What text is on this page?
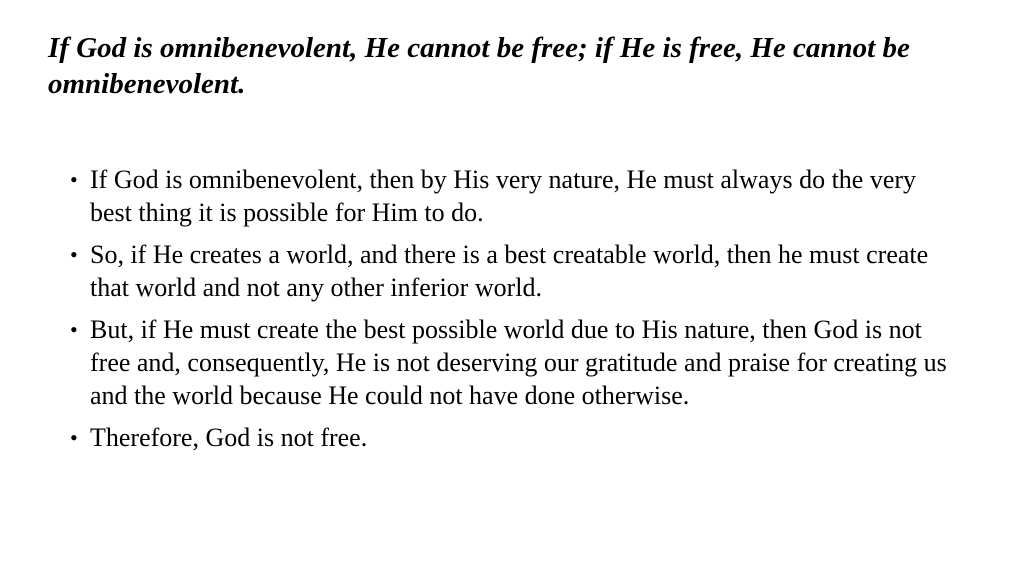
If God is omnibenevolent, He cannot be free; if He is free, He cannot be omnibenevolent.
• If God is omnibenevolent, then by His very nature, He must always do the very best thing it is possible for Him to do.
• So, if He creates a world, and there is a best creatable world, then he must create that world and not any other inferior world.
• But, if He must create the best possible world due to His nature, then God is not free and, consequently, He is not deserving our gratitude and praise for creating us and the world because He could not have done otherwise.
• Therefore, God is not free.
